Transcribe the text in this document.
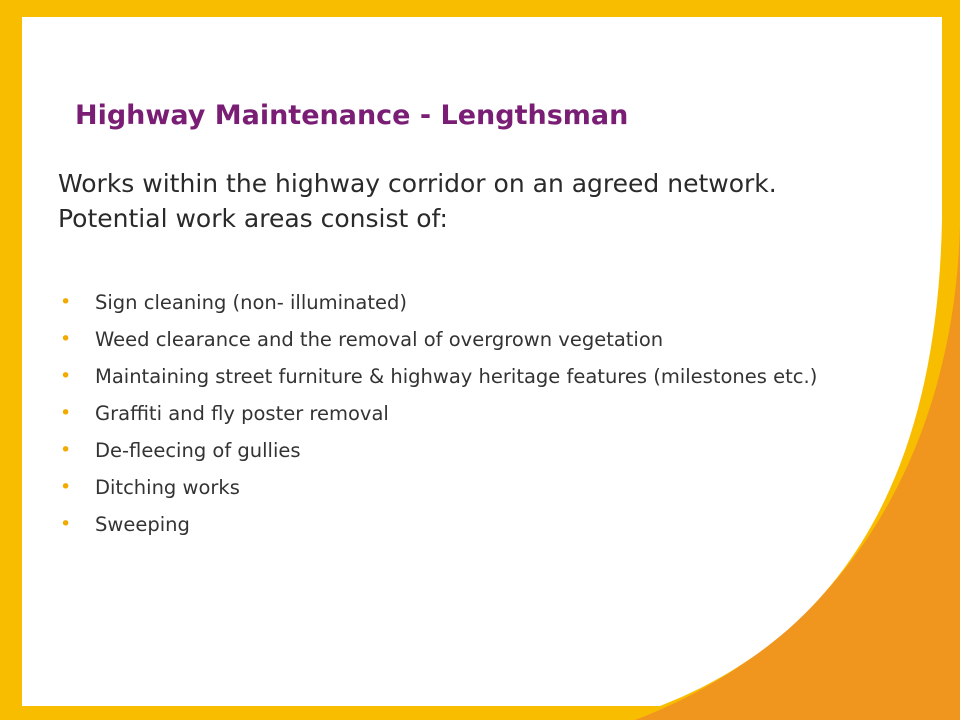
Highway Maintenance - Lengthsman

Works within the highway corridor on an agreed network. Potential work areas consist of:

• Sign cleaning (non- illuminated)
• Weed clearance and the removal of overgrown vegetation
• Maintaining street furniture & highway heritage features (milestones etc.)
• Graffiti and fly poster removal
• De-fleecing of gullies
• Ditching works
• Sweeping
